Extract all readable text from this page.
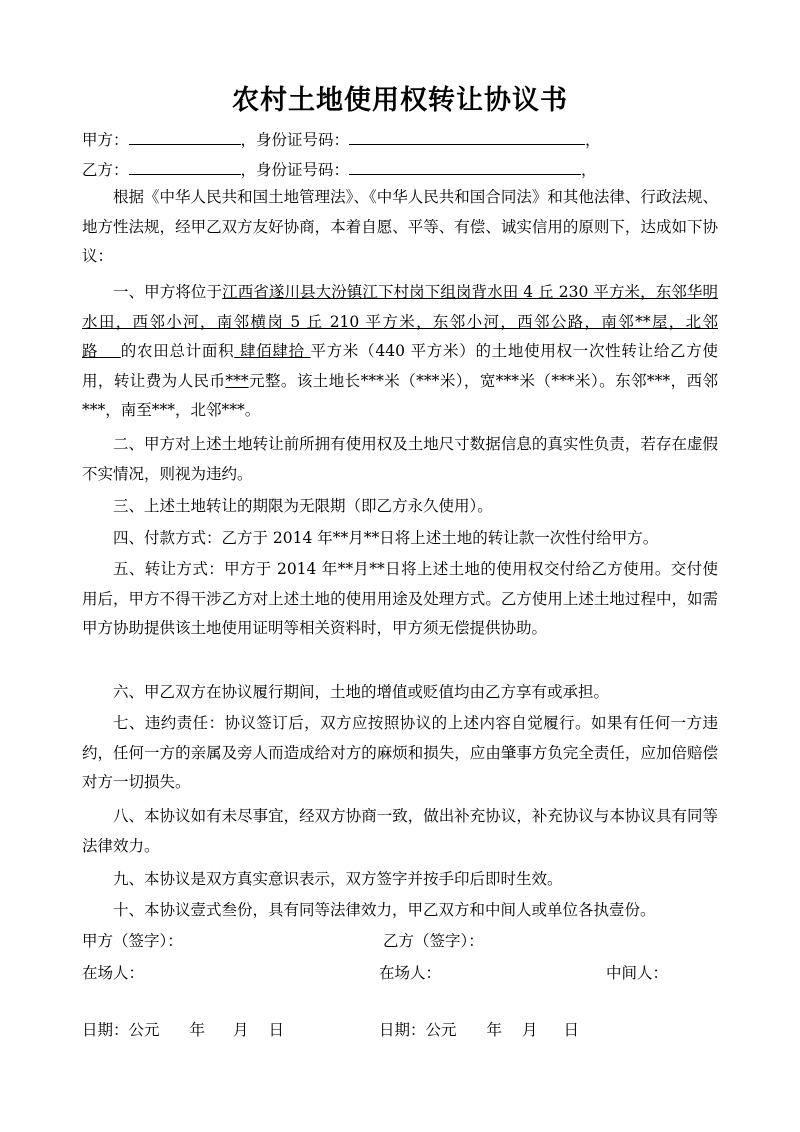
农村土地使用权转让协议书
甲方：	，身份证号码：	，
乙方：	，身份证号码：	，
根据《中华人民共和国土地管理法》、《中华人民共和国合同法》和其他法律、行政法规、地方性法规，经甲乙双方友好协商，本着自愿、平等、有偿、诚实信用的原则下，达成如下协议：
一、甲方将位于江西省遂川县大汾镇江下村岗下组岗背水田 4 丘 230 平方米，东邻华明水田，西邻小河，南邻横岗 5 丘 210 平方米，东邻小河，西邻公路，南邻**屋，北邻路 的农田总计面积 肆佰肆拾 平方米（440 平方米）的土地使用权一次性转让给乙方使用，转让费为人民币***元整。该土地长***米（***米），宽***米（***米）。东邻***，西邻***，南至***，北邻***。
二、甲方对上述土地转让前所拥有使用权及土地尺寸数据信息的真实性负责，若存在虚假不实情况，则视为违约。
三、上述土地转让的期限为无限期（即乙方永久使用）。
四、付款方式：乙方于 2014 年**月**日将上述土地的转让款一次性付给甲方。
五、转让方式：甲方于 2014 年**月**日将上述土地的使用权交付给乙方使用。交付使用后，甲方不得干涉乙方对上述土地的使用用途及处理方式。乙方使用上述土地过程中，如需甲方协助提供该土地使用证明等相关资料时，甲方须无偿提供协助。
六、甲乙双方在协议履行期间，土地的增值或贬值均由乙方享有或承担。
七、违约责任：协议签订后，双方应按照协议的上述内容自觉履行。如果有任何一方违约，任何一方的亲属及旁人而造成给对方的麻烦和损失，应由肇事方负完全责任，应加倍赔偿对方一切损失。
八、本协议如有未尽事宜，经双方协商一致，做出补充协议，补充协议与本协议具有同等法律效力。
九、本协议是双方真实意识表示，双方签字并按手印后即时生效。
十、本协议壹式叁份，具有同等法律效力，甲乙双方和中间人或单位各执壹份。
甲方（签字）：	乙方（签字）：
在场人：	在场人：	中间人：
日期：公元 年 月 日	日期：公元 年 月 日
